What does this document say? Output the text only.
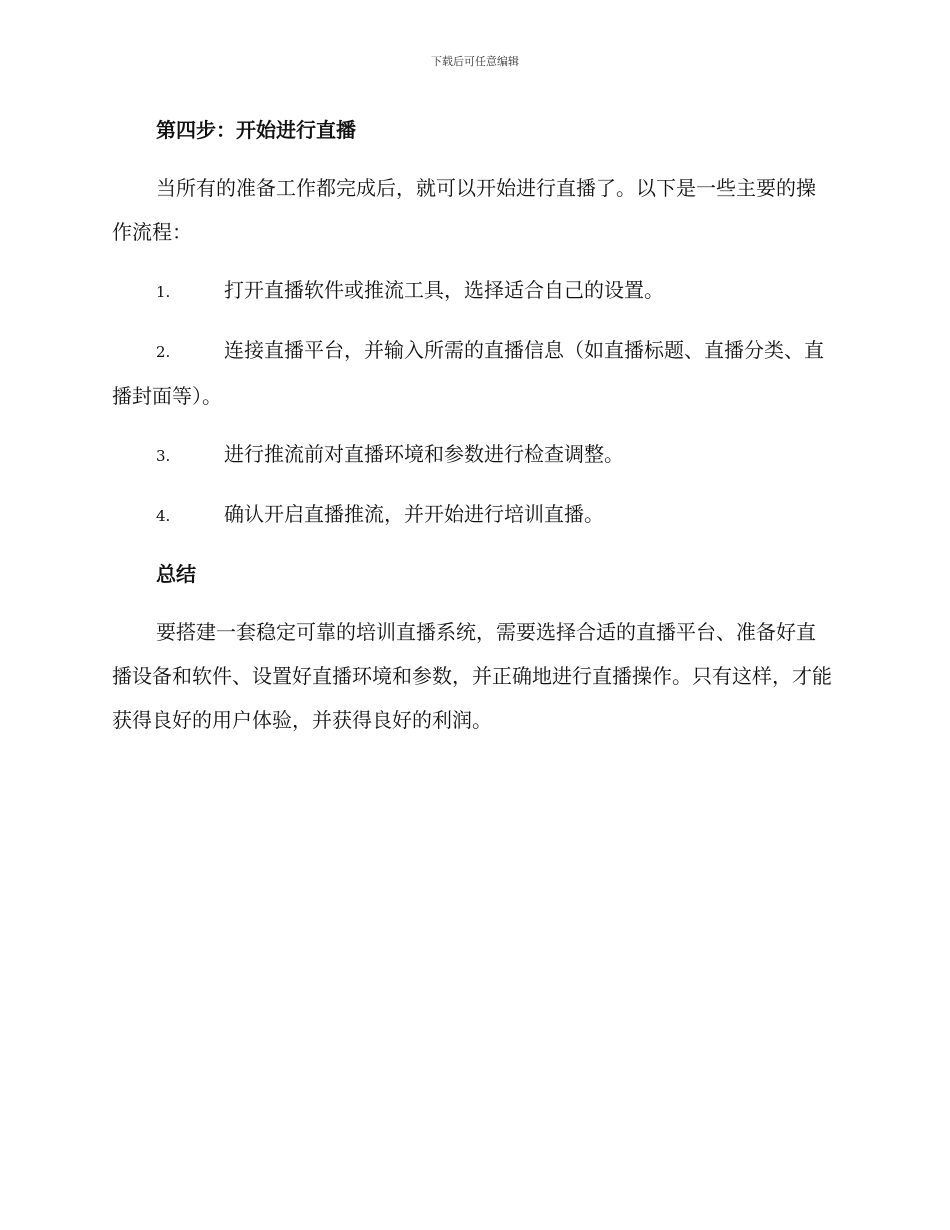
下载后可任意编辑
第四步：开始进行直播
当所有的准备工作都完成后，就可以开始进行直播了。以下是一些主要的操作流程：
1.	打开直播软件或推流工具，选择适合自己的设置。
2.	连接直播平台，并输入所需的直播信息（如直播标题、直播分类、直播封面等）。
3.	进行推流前对直播环境和参数进行检查调整。
4.	确认开启直播推流，并开始进行培训直播。
总结
要搭建一套稳定可靠的培训直播系统，需要选择合适的直播平台、准备好直播设备和软件、设置好直播环境和参数，并正确地进行直播操作。只有这样，才能获得良好的用户体验，并获得良好的利润。
